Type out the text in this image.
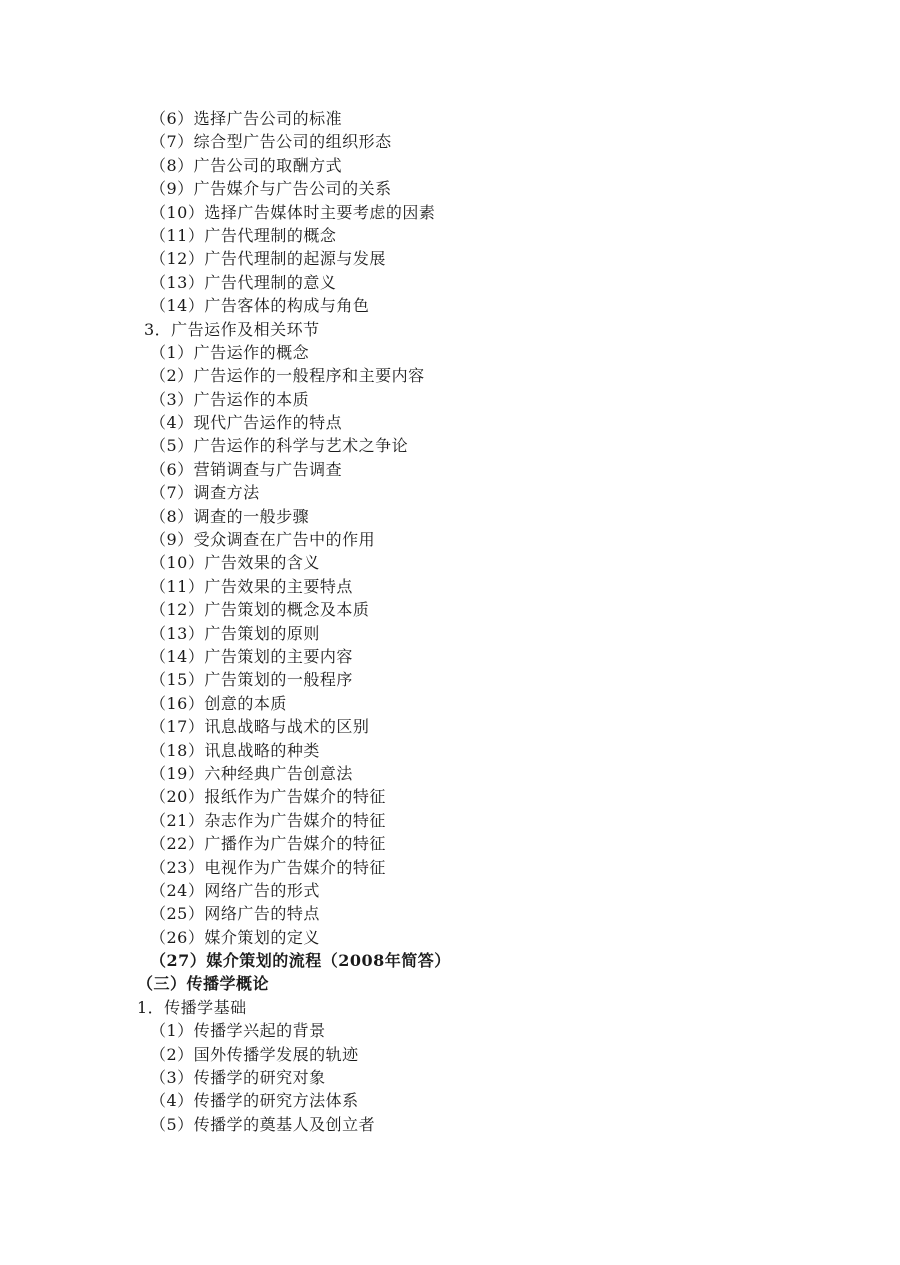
（6）选择广告公司的标准
（7）综合型广告公司的组织形态
（8）广告公司的取酬方式
（9）广告媒介与广告公司的关系
（10）选择广告媒体时主要考虑的因素
（11）广告代理制的概念
（12）广告代理制的起源与发展
（13）广告代理制的意义
（14）广告客体的构成与角色
3．广告运作及相关环节
（1）广告运作的概念
（2）广告运作的一般程序和主要内容
（3）广告运作的本质
（4）现代广告运作的特点
（5）广告运作的科学与艺术之争论
（6）营销调查与广告调查
（7）调查方法
（8）调查的一般步骤
（9）受众调查在广告中的作用
（10）广告效果的含义
（11）广告效果的主要特点
（12）广告策划的概念及本质
（13）广告策划的原则
（14）广告策划的主要内容
（15）广告策划的一般程序
（16）创意的本质
（17）讯息战略与战术的区别
（18）讯息战略的种类
（19）六种经典广告创意法
（20）报纸作为广告媒介的特征
（21）杂志作为广告媒介的特征
（22）广播作为广告媒介的特征
（23）电视作为广告媒介的特征
（24）网络广告的形式
（25）网络广告的特点
（26）媒介策划的定义
（27）媒介策划的流程（2008年简答）
（三）传播学概论
1．传播学基础
（1）传播学兴起的背景
（2）国外传播学发展的轨迹
（3）传播学的研究对象
（4）传播学的研究方法体系
（5）传播学的奠基人及创立者
